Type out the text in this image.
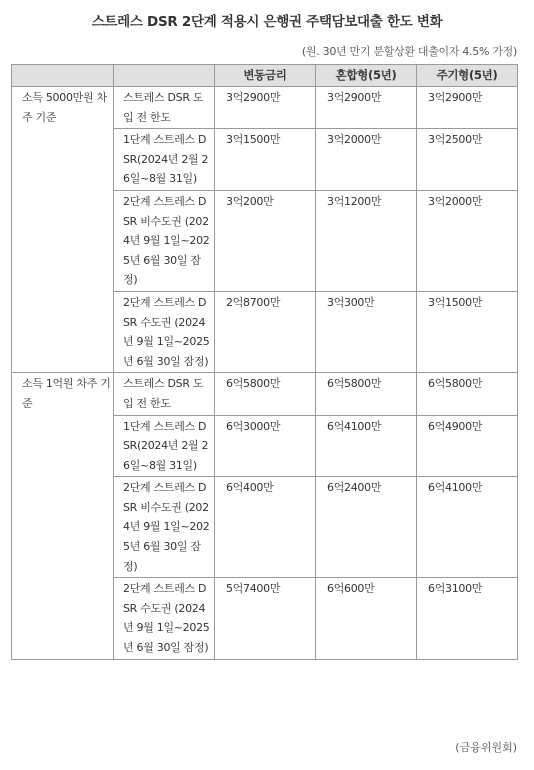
스트레스 DSR 2단계 적용시 은행권 주택담보대출 한도 변화
(원. 30년 만기 분할상환 대출이자 4.5% 가정)
		변동금리	혼합형(5년)	주기형(5년)
소득 5000만원 차주 기준	스트레스 DSR 도입 전 한도	3억2900만	3억2900만	3억2900만
	1단계 스트레스 DSR(2024년 2월 26일~8월 31일)	3억1500만	3억2000만	3억2500만
	2단계 스트레스 DSR 비수도권 (2024년 9월 1일~2025년 6월 30일 잠정)	3억200만	3억1200만	3억2000만
	2단계 스트레스 DSR 수도권 (2024년 9월 1일~2025년 6월 30일 잠정)	2억8700만	3억300만	3억1500만
소득 1억원 차주 기준	스트레스 DSR 도입 전 한도	6억5800만	6억5800만	6억5800만
	1단계 스트레스 DSR(2024년 2월 26일~8월 31일)	6억3000만	6억4100만	6억4900만
	2단계 스트레스 DSR 비수도권 (2024년 9월 1일~2025년 6월 30일 잠정)	6억400만	6억2400만	6억4100만
	2단계 스트레스 DSR 수도권 (2024년 9월 1일~2025년 6월 30일 잠정)	5억7400만	6억600만	6억3100만
(금융위원회)
